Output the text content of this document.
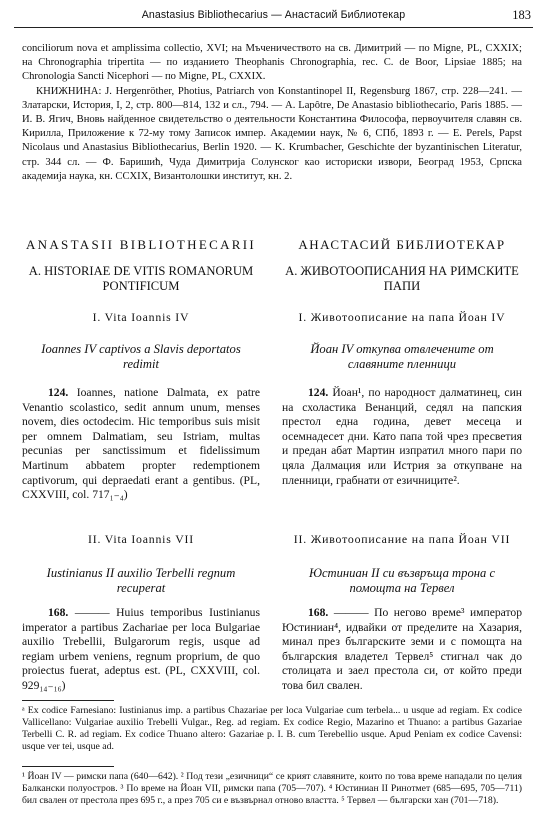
Anastasius Bibliothecarius — Анастасий Библиотекар	183

conciliorum nova et amplissima collectio, XVI; на Мъченичеството на св. Димитрий — по Migne, PL, CXXIX; на Chronographia tripertita — по изданието Theophanis Chronographia, rec. C. de Boor, Lipsiae 1885; на Chronologia Sancti Nicephori — по Migne, PL, CXXIX.

КНИЖНИНА: J. Hergenröther, Photius, Patriarch von Konstantinopel II, Regensburg 1867, стр. 228—241. — Златарски, История, I, 2, стр. 800—814, 132 и сл., 794. — A. Lapôtre, De Anastasio bibliothecario, Paris 1885. — И. В. Ягич, Вновь найденное свидетельство о деятельности Константина Философа, первоучителя славян св. Кирилла, Приложение к 72-му тому Записок импер. Академии наук, № 6, СПб, 1893 г. — E. Perels, Papst Nicolaus und Anastasius Bibliothecarius, Berlin 1920. — K. Krumbacher, Geschichte der byzantinischen Literatur, стр. 344 сл. — Ф. Баришић, Чуда Димитрија Солунског као историски извори, Београд 1953, Српска академија наука, кн. CCXIX, Византолошки институт, кн. 2.

ANASTASII BIBLIOTHECARII
A. HISTORIAE DE VITIS ROMANORUM PONTIFICUM
I. Vita Ioannis IV
Ioannes IV captivos a Slavis deportatos redimit
124. Ioannes, natione Dalmata, ex patre Venantio scolastico, sedit annum unum, menses novem, dies octodecim. Hic temporibus suis misit per omnem Dalmatiam, seu Istriam, multas pecunias per sanctissimum et fidelissimum Martinum abbatem propter redemptionem captivorum, qui depraedati erant a gentibus. (PL, CXXVIII, col. 717₁₋₄)
II. Vita Ioannis VII
Iustinianus II auxilio Terbelli regnum recuperat
168. ——— Huius temporibus Iustinianus imperator a partibus Zachariae per loca Bulgariae auxilio Trebellii, Bulgarorum regis, usque ad regiam urbem veniens, regnum proprium, de quo proiectus fuerat, adeptus est. (PL, CXXVIII, col. 929₁₄₋₁₆)
АНАСТАСИЙ БИБЛИОТЕКАР
A. ЖИВОТООПИСАНИЯ НА РИМСКИТЕ ПАПИ
I. Животоописание на папа Йоан IV
Йоан IV откупва отвлечените от славяните пленници
124. Йоан¹, по народност далматинец, син на схоластика Венанций, седял на папския престол една година, девет месеца и осемнадесет дни. Като папа той чрез пресветия и предан абат Мартин изпратил много пари по цяла Далмация или Истрия за откупване на пленници, грабнати от езичниците².
II. Животоописание на папа Йоан VII
Юстиниан II си възвръща трона с помощта на Тервел
168. ——— По негово време³ император Юстиниан⁴, идвайки от пределите на Хазария, минал през българските земи и с помощта на българския владетел Тервел⁵ стигнал чак до столицата и заел престола си, от който преди това бил свален.

ᵃ Ex codice Farnesiano: Iustinianus imp. a partibus Chazariae per loca Vulgariae cum terbela... u usque ad regiam. Ex codice Vallicellano: Vulgariae auxilio Trebelli Vulgar., Reg. ad regiam. Ex codice Regio, Mazarino et Thuano: a partibus Gazariae Terbelli C. R. ad regiam. Ex codice Thuano altero: Gazariae p. I. B. cum Terebellio usque. Apud Peniam ex codice Cavensi: usque ver tei, usque ad.

¹ Йоан IV — римски папа (640—642). ² Под тези „езичници“ се крият славяните, които по това време нападали по целия Балкански полуостров. ³ По време на Йоан VII, римски папа (705—707). ⁴ Юстиниан II Ринотмет (685—695, 705—711) бил свален от престола през 695 г., а през 705 си е възвърнал отново властта. ⁵ Тервел — български хан (701—718).
